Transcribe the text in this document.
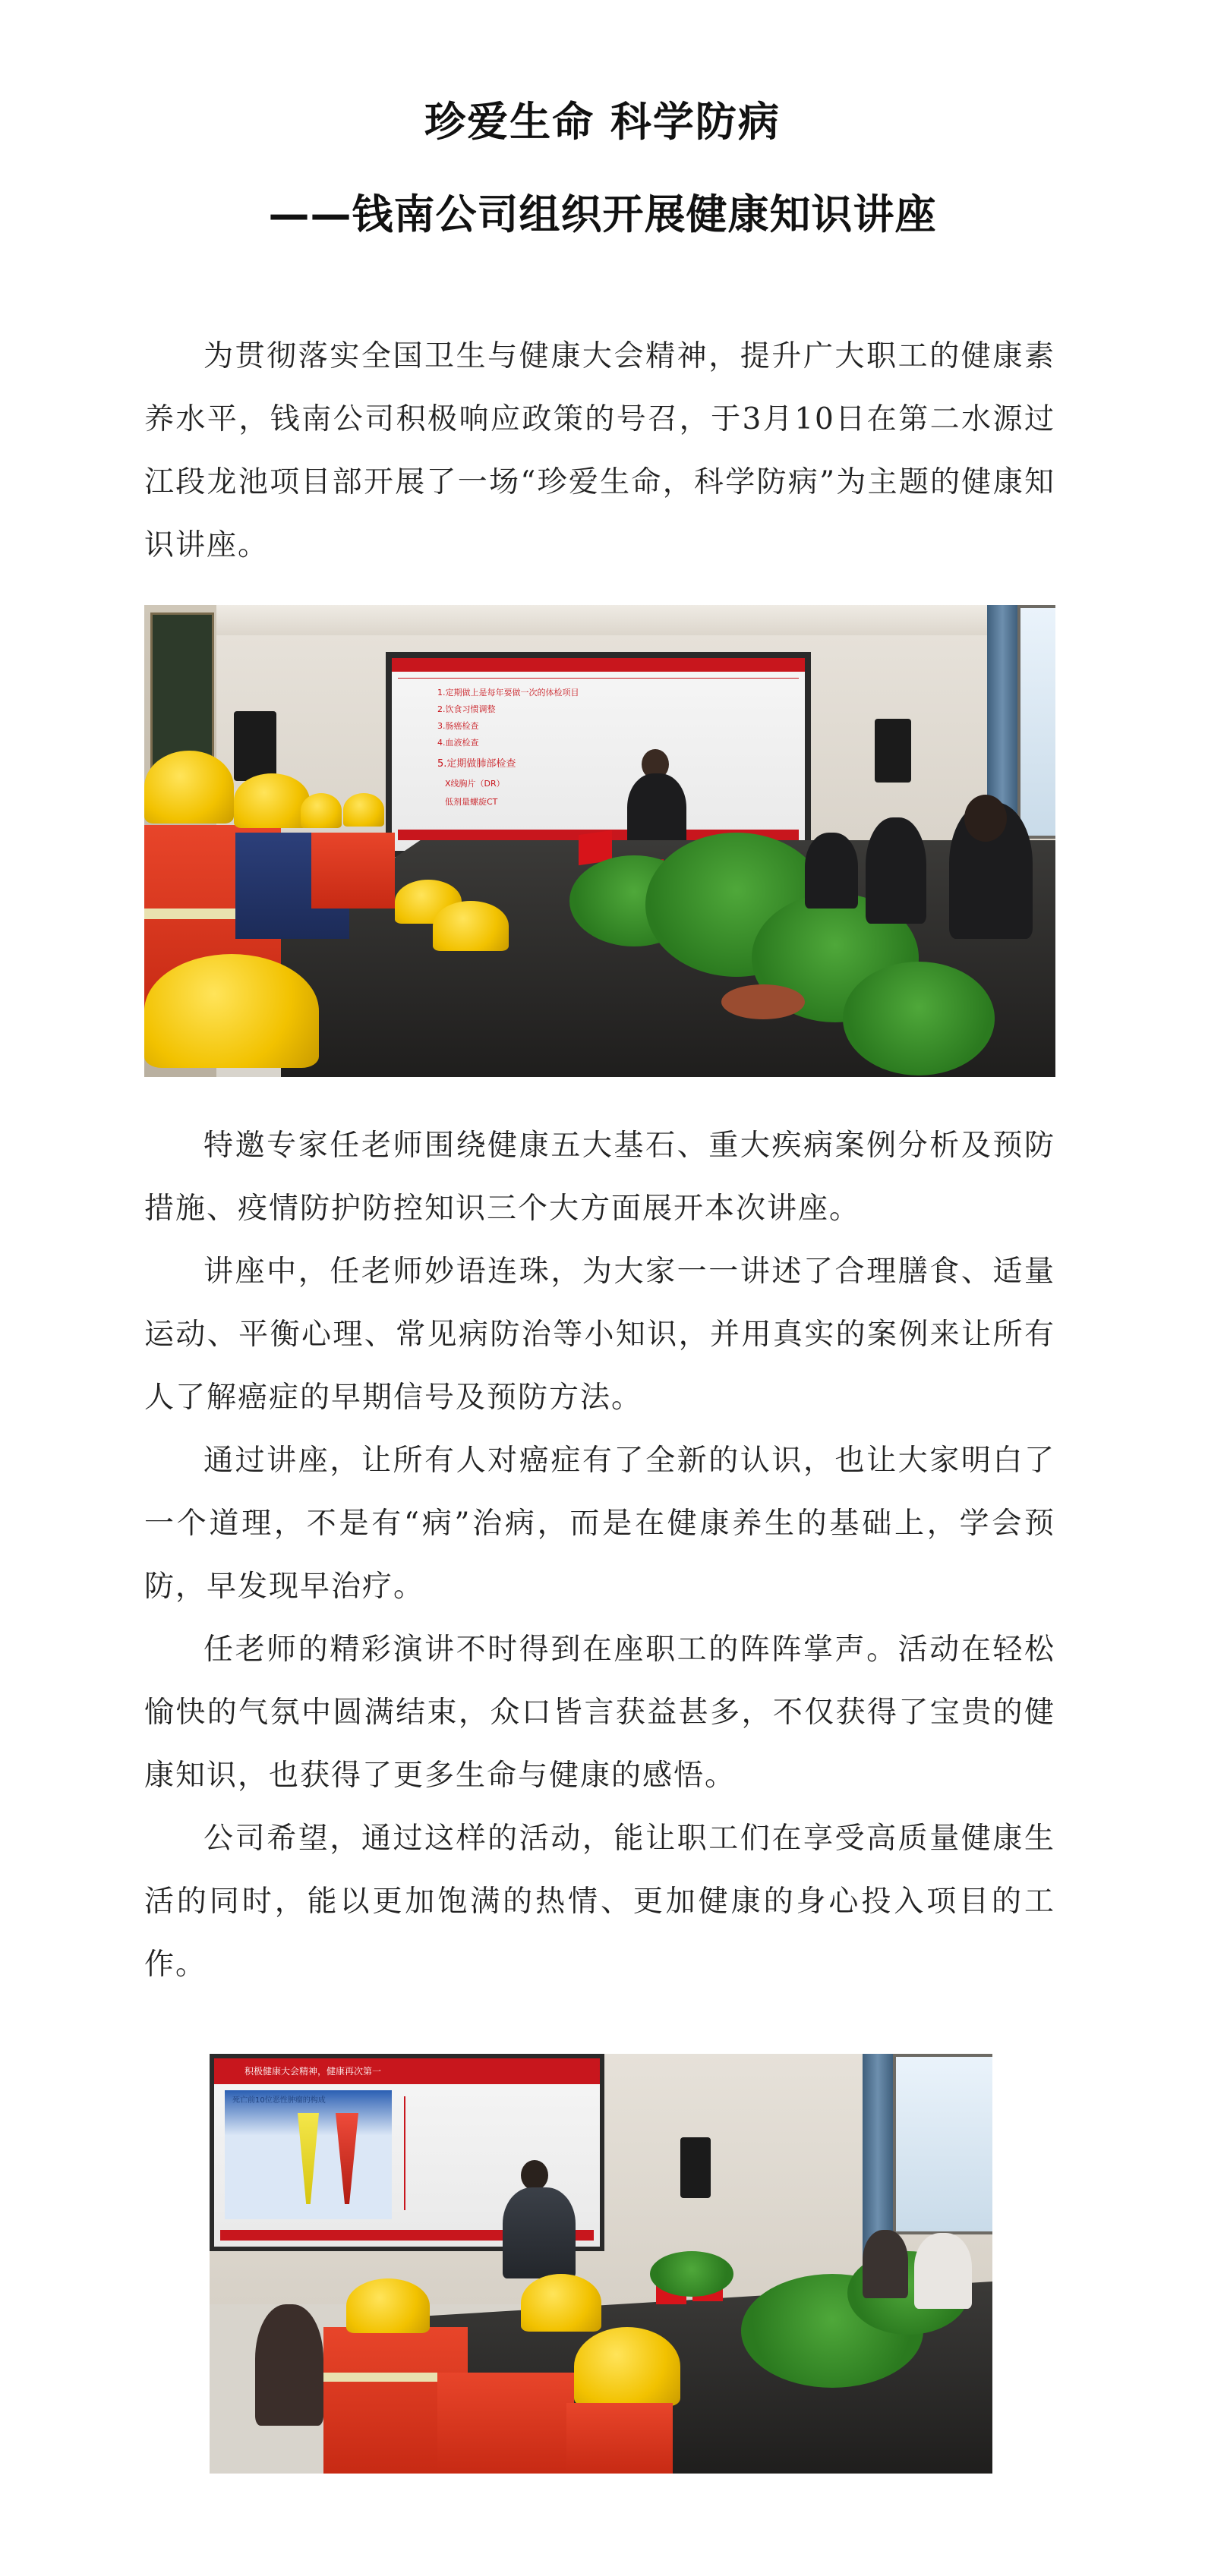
珍爱生命 科学防病
——钱南公司组织开展健康知识讲座
为贯彻落实全国卫生与健康大会精神，提升广大职工的健康素养水平，钱南公司积极响应政策的号召，于3月10日在第二水源过江段龙池项目部开展了一场“珍爱生命，科学防病”为主题的健康知识讲座。
1.定期做上是每年要做一次的体检项目
2.饮食习惯调整
3.肠癌检查
4.血液检查
5.定期做肺部检查
X线胸片（DR）
低剂量螺旋CT
特邀专家任老师围绕健康五大基石、重大疾病案例分析及预防措施、疫情防护防控知识三个大方面展开本次讲座。
讲座中，任老师妙语连珠，为大家一一讲述了合理膳食、适量运动、平衡心理、常见病防治等小知识，并用真实的案例来让所有人了解癌症的早期信号及预防方法。
通过讲座，让所有人对癌症有了全新的认识，也让大家明白了一个道理，不是有“病”治病，而是在健康养生的基础上，学会预防，早发现早治疗。
任老师的精彩演讲不时得到在座职工的阵阵掌声。活动在轻松愉快的气氛中圆满结束，众口皆言获益甚多，不仅获得了宝贵的健康知识，也获得了更多生命与健康的感悟。
公司希望，通过这样的活动，能让职工们在享受高质量健康生活的同时，能以更加饱满的热情、更加健康的身心投入项目的工作。
积极健康大会精神，健康再次第一
死亡前10位恶性肿瘤的构成
